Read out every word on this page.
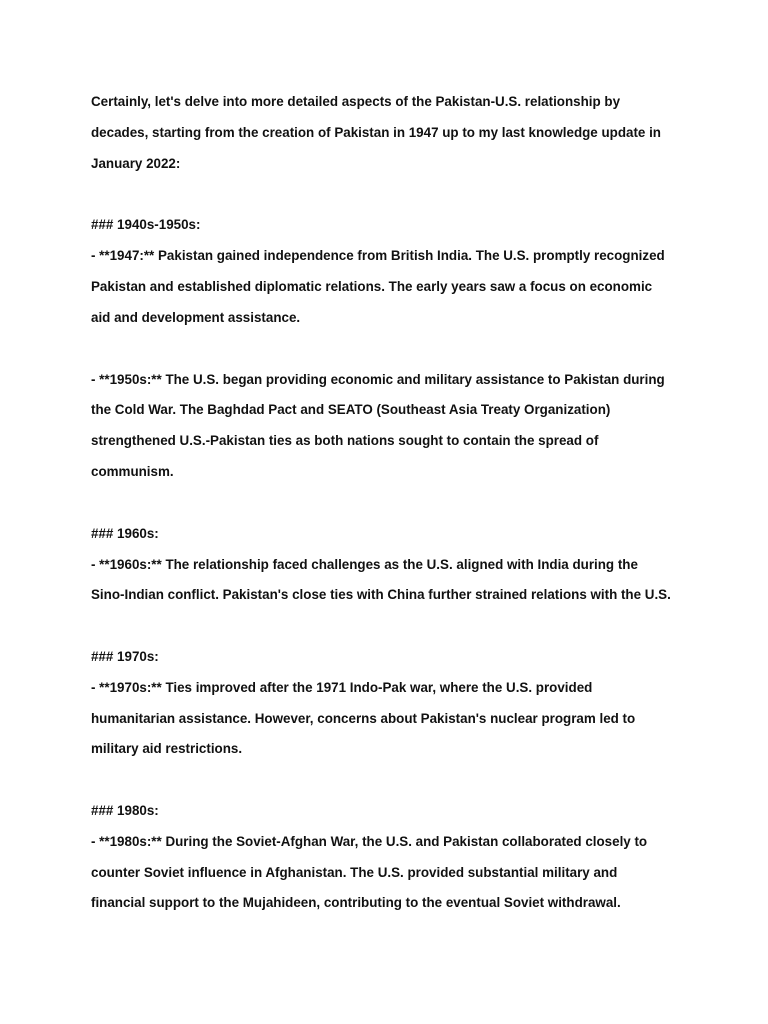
Certainly, let's delve into more detailed aspects of the Pakistan-U.S. relationship by
decades, starting from the creation of Pakistan in 1947 up to my last knowledge update in
January 2022:
### 1940s-1950s:
- **1947:** Pakistan gained independence from British India. The U.S. promptly recognized
Pakistan and established diplomatic relations. The early years saw a focus on economic
aid and development assistance.
- **1950s:** The U.S. began providing economic and military assistance to Pakistan during
the Cold War. The Baghdad Pact and SEATO (Southeast Asia Treaty Organization)
strengthened U.S.-Pakistan ties as both nations sought to contain the spread of
communism.
### 1960s:
- **1960s:** The relationship faced challenges as the U.S. aligned with India during the
Sino-Indian conflict. Pakistan's close ties with China further strained relations with the U.S.
### 1970s:
- **1970s:** Ties improved after the 1971 Indo-Pak war, where the U.S. provided
humanitarian assistance. However, concerns about Pakistan's nuclear program led to
military aid restrictions.
### 1980s:
- **1980s:** During the Soviet-Afghan War, the U.S. and Pakistan collaborated closely to
counter Soviet influence in Afghanistan. The U.S. provided substantial military and
financial support to the Mujahideen, contributing to the eventual Soviet withdrawal.
